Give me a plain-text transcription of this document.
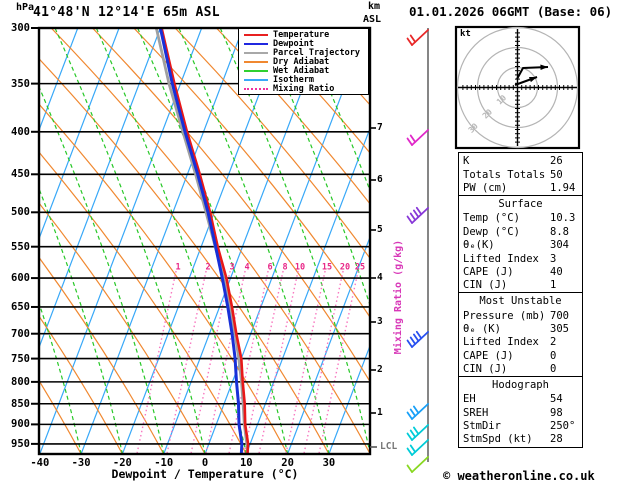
1	2 3 4 6 8 10 15 20 25
10
20
30
hPa
41°48'N 12°14'E 65m ASL	01.01.2026 06GMT (Base: 06)
km
ASL
kt
Dewpoint / Temperature (°C)
Mixing Ratio (g/kg)
LCL
© weatheronline.co.uk
Temperature
Dewpoint
Parcel Trajectory
Dry Adiabat
Wet Adiabat
Isotherm
Mixing Ratio
K	26
Totals Totals 50
PW (cm)	1.94
Surface
Temp (°C)	10.3
Dewp (°C)	8.8
θₑ(K)	304
Lifted Index 3
CAPE (J)	40
CIN (J)	1
Most Unstable
Pressure (mb) 700
θₑ (K)	305
Lifted Index 2
CAPE (J)	0
CIN (J)	0
Hodograph
EH	54
SREH	98
StmDir	250°
StmSpd (kt) 28
300
350
400
450
500
550
600
650
700
750
800
850
900
950
-40	-30	-20	-10	0	10	20	30
7
6
5
4
3
2
1
